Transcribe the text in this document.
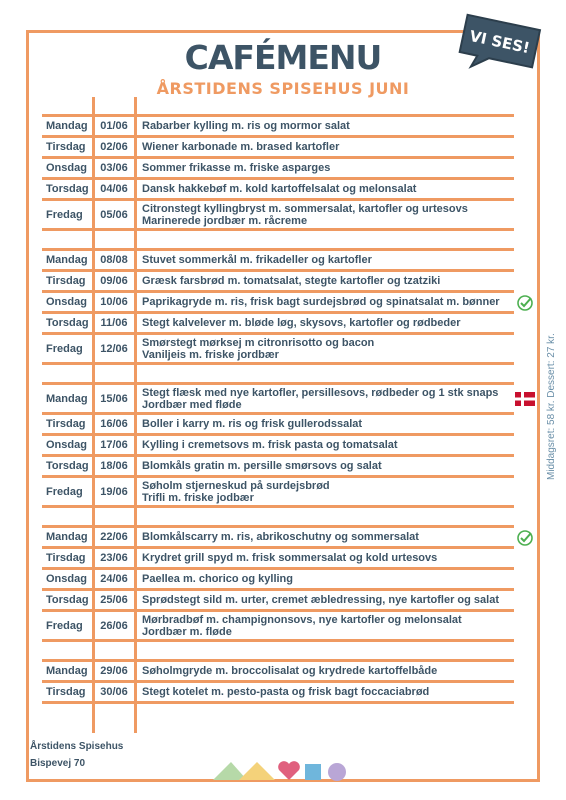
CAFÉMENU
ÅRSTIDENS SPISEHUS JUNI
VI SES!
Mandag	01/06	Rabarber kylling m. ris og mormor salat
Tirsdag	02/06	Wiener karbonade m. brased kartofler
Onsdag	03/06	Sommer frikasse m. friske asparges
Torsdag	04/06	Dansk hakkebøf m. kold kartoffelsalat og melonsalat
Fredag	05/06	Citronstegt kyllingbryst m. sommersalat, kartofler og urtesovs
Marinerede jordbær m. råcreme
Mandag	08/08	Stuvet sommerkål m. frikadeller og kartofler
Tirsdag	09/06	Græsk farsbrød m. tomatsalat, stegte kartofler og tzatziki
Onsdag	10/06	Paprikagryde m. ris, frisk bagt surdejsbrød og spinatsalat m. bønner
Torsdag	11/06	Stegt kalvelever m. bløde løg, skysovs, kartofler og rødbeder
Fredag	12/06	Smørstegt mørksej m citronrisotto og bacon
Vaniljeis m. friske jordbær
Mandag	15/06	Stegt flæsk med nye kartofler, persillesovs, rødbeder og 1 stk snaps
Jordbær med fløde
Tirsdag	16/06	Boller i karry m. ris og frisk gullerodssalat
Onsdag	17/06	Kylling i cremetsovs m. frisk pasta og tomatsalat
Torsdag	18/06	Blomkåls gratin m. persille smørsovs og salat
Fredag	19/06	Søholm stjerneskud på surdejsbrød
Trifli m. friske jodbær
Mandag	22/06	Blomkålscarry m. ris, abrikoschutny og sommersalat
Tirsdag	23/06	Krydret grill spyd m. frisk sommersalat og kold urtesovs
Onsdag	24/06	Paellea m. chorico og kylling
Torsdag	25/06	Sprødstegt sild m. urter, cremet æbledressing, nye kartofler og salat
Fredag	26/06	Mørbradbøf m. champignonsovs, nye kartofler og melonsalat
Jordbær m. fløde
Mandag	29/06	Søholmgryde m. broccolisalat og krydrede kartoffelbåde
Tirsdag	30/06	Stegt kotelet m. pesto-pasta og frisk bagt foccaciabrød
Middagsret: 58 kr. Dessert: 27 kr.
Årstidens Spisehus
Bispevej 70
